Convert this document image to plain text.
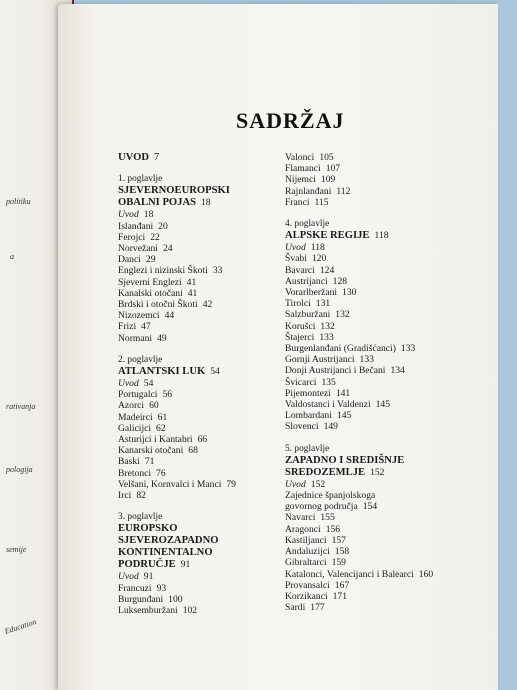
politiku
a
rativanja
pologija
semije
Education
SADRŽAJ
UVOD 7
1. poglavlje
SJEVERNOEUROPSKI
OBALNI POJAS 18
Uvod 18
Islanđani 20
Ferojci 22
Norvežani 24
Danci 29
Englezi i nizinski Škoti 33
Sjeverni Englezi 41
Kanalski otočani 41
Brdski i otočni Škoti 42
Nizozemci 44
Frizi 47
Normani 49
2. poglavlje
ATLANTSKI LUK 54
Uvod 54
Portugalci 56
Azorci 60
Madeirci 61
Galicijci 62
Asturijci i Kantabri 66
Kanarski otočani 68
Baski 71
Bretonci 76
Velšani, Kornvalci i Manci 79
Irci 82
3. poglavlje
EUROPSKO
SJEVEROZAPADNO
KONTINENTALNO
PODRUČJE 91
Uvod 91
Francuzi 93
Burgunđani 100
Luksemburžani 102
Valonci 105
Flamanci 107
Nijemci 109
Rajnlanđani 112
Franci 115
4. poglavlje
ALPSKE REGIJE 118
Uvod 118
Švabi 120
Bavarci 124
Austrijanci 128
Vorarlberžani 130
Tirolci 131
Salzburžani 132
Korušci 132
Štajerci 133
Burgenlanđani (Gradišćanci) 133
Gornji Austrijanci 133
Donji Austrijanci i Bečani 134
Švicarci 135
Pijemontezi 141
Valdostanci i Valdenzi 145
Lombardani 145
Slovenci 149
5. poglavlje
ZAPADNO I SREDIŠNJE
SREDOZEMLJE 152
Uvod 152
Zajednice španjolskoga
govornog područja 154
Navarci 155
Aragonci 156
Kastiljanci 157
Andaluzijci 158
Gibraltarci 159
Katalonci, Valencijanci i Balearci 160
Provansalci 167
Korzikanci 171
Sardi 177
